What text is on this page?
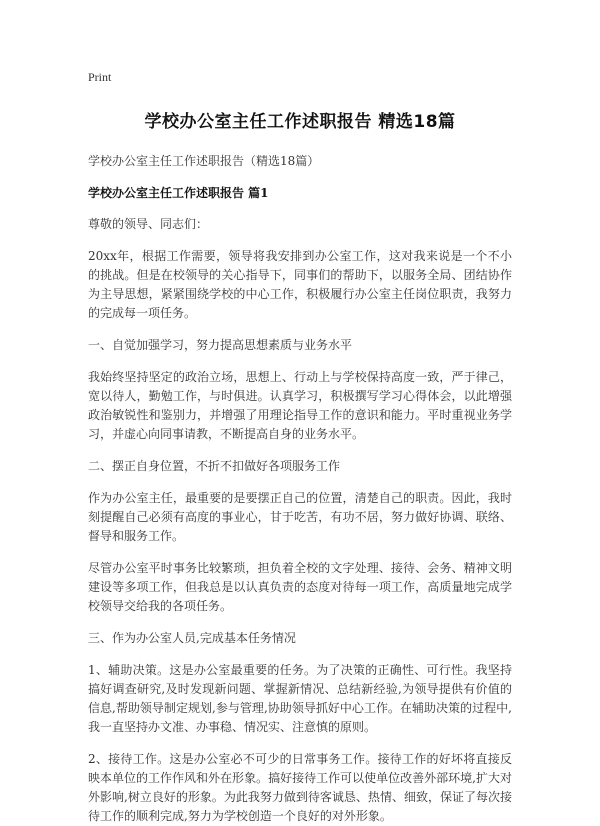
Print
学校办公室主任工作述职报告 精选18篇
学校办公室主任工作述职报告（精选18篇）
学校办公室主任工作述职报告 篇1
尊敬的领导、同志们：
20xx年，根据工作需要，领导将我安排到办公室工作，这对我来说是一个不小的挑战。但是在校领导的关心指导下，同事们的帮助下，以服务全局、团结协作为主导思想，紧紧围绕学校的中心工作，积极履行办公室主任岗位职责，我努力的完成每一项任务。
一、自觉加强学习，努力提高思想素质与业务水平
我始终坚持坚定的政治立场，思想上、行动上与学校保持高度一致，严于律己，宽以待人，勤勉工作，与时俱进。认真学习，积极撰写学习心得体会，以此增强政治敏锐性和鉴别力，并增强了用理论指导工作的意识和能力。平时重视业务学习，并虚心向同事请教，不断提高自身的业务水平。
二、摆正自身位置，不折不扣做好各项服务工作
作为办公室主任，最重要的是要摆正自己的位置，清楚自己的职责。因此，我时刻提醒自己必须有高度的事业心，甘于吃苦，有功不居，努力做好协调、联络、督导和服务工作。
尽管办公室平时事务比较繁琐，担负着全校的文字处理、接待、会务、精神文明建设等多项工作，但我总是以认真负责的态度对待每一项工作，高质量地完成学校领导交给我的各项任务。
三、作为办公室人员,完成基本任务情况
1、辅助决策。这是办公室最重要的任务。为了决策的正确性、可行性。我坚持搞好调查研究,及时发现新问题、掌握新情况、总结新经验,为领导提供有价值的信息,帮助领导制定规划,参与管理,协助领导抓好中心工作。在辅助决策的过程中,我一直坚持办文准、办事稳、情况实、注意慎的原则。
2、接待工作。这是办公室必不可少的日常事务工作。接待工作的好坏将直接反映本单位的工作作风和外在形象。搞好接待工作可以使单位改善外部环境,扩大对外影响,树立良好的形象。为此我努力做到待客诚恳、热情、细致，保证了每次接待工作的顺利完成,努力为学校创造一个良好的对外形象。
